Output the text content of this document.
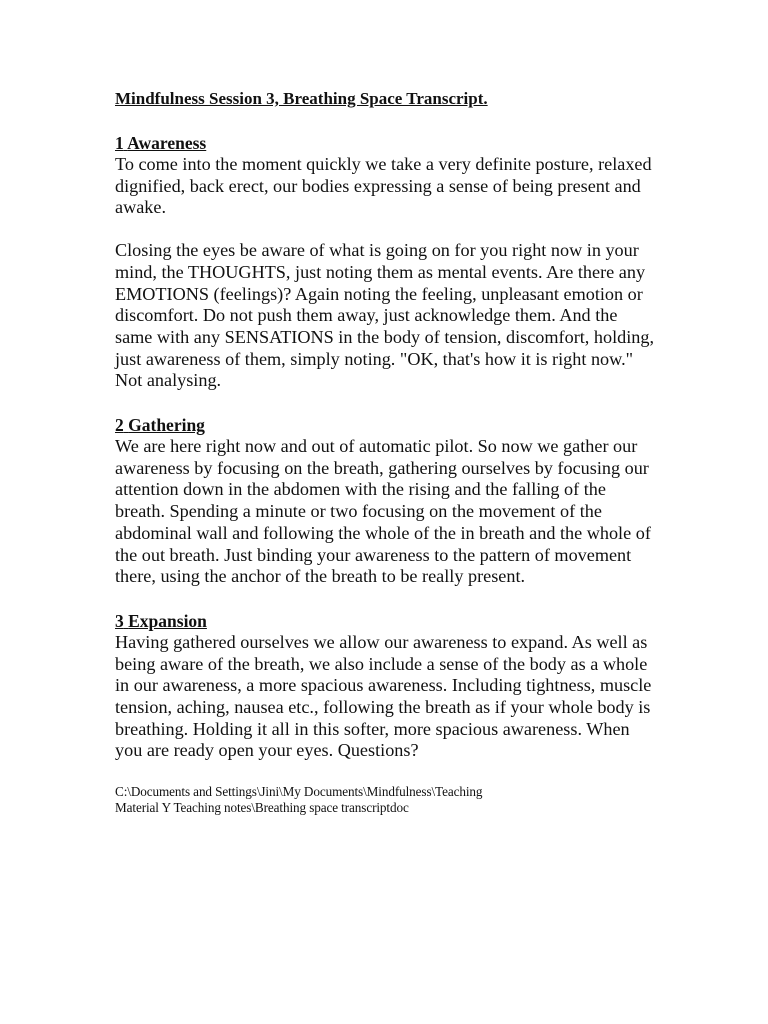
Mindfulness Session 3, Breathing Space Transcript.
1 Awareness

To come into the moment quickly we take a very definite posture, relaxed dignified, back erect, our bodies expressing a sense of being present and awake.

Closing the eyes be aware of what is going on for you right now in your mind, the THOUGHTS, just noting them as mental events. Are there any EMOTIONS (feelings)? Again noting the feeling, unpleasant emotion or discomfort. Do not push them away, just acknowledge them. And the same with any SENSATIONS in the body of tension, discomfort, holding, just awareness of them, simply noting. "OK, that's how it is right now." Not analysing.

2 Gathering

We are here right now and out of automatic pilot. So now we gather our awareness by focusing on the breath, gathering ourselves by focusing our attention down in the abdomen with the rising and the falling of the breath. Spending a minute or two focusing on the movement of the abdominal wall and following the whole of the in breath and the whole of the out breath. Just binding your awareness to the pattern of movement there, using the anchor of the breath to be really present.

3 Expansion

Having gathered ourselves we allow our awareness to expand. As well as being aware of the breath, we also include a sense of the body as a whole in our awareness, a more spacious awareness. Including tightness, muscle tension, aching, nausea etc., following the breath as if your whole body is breathing. Holding it all in this softer, more spacious awareness. When you are ready open your eyes. Questions?

C:\Documents and Settings\Jini\My Documents\Mindfulness\Teaching
Material Y Teaching notes\Breathing space transcriptdoc
